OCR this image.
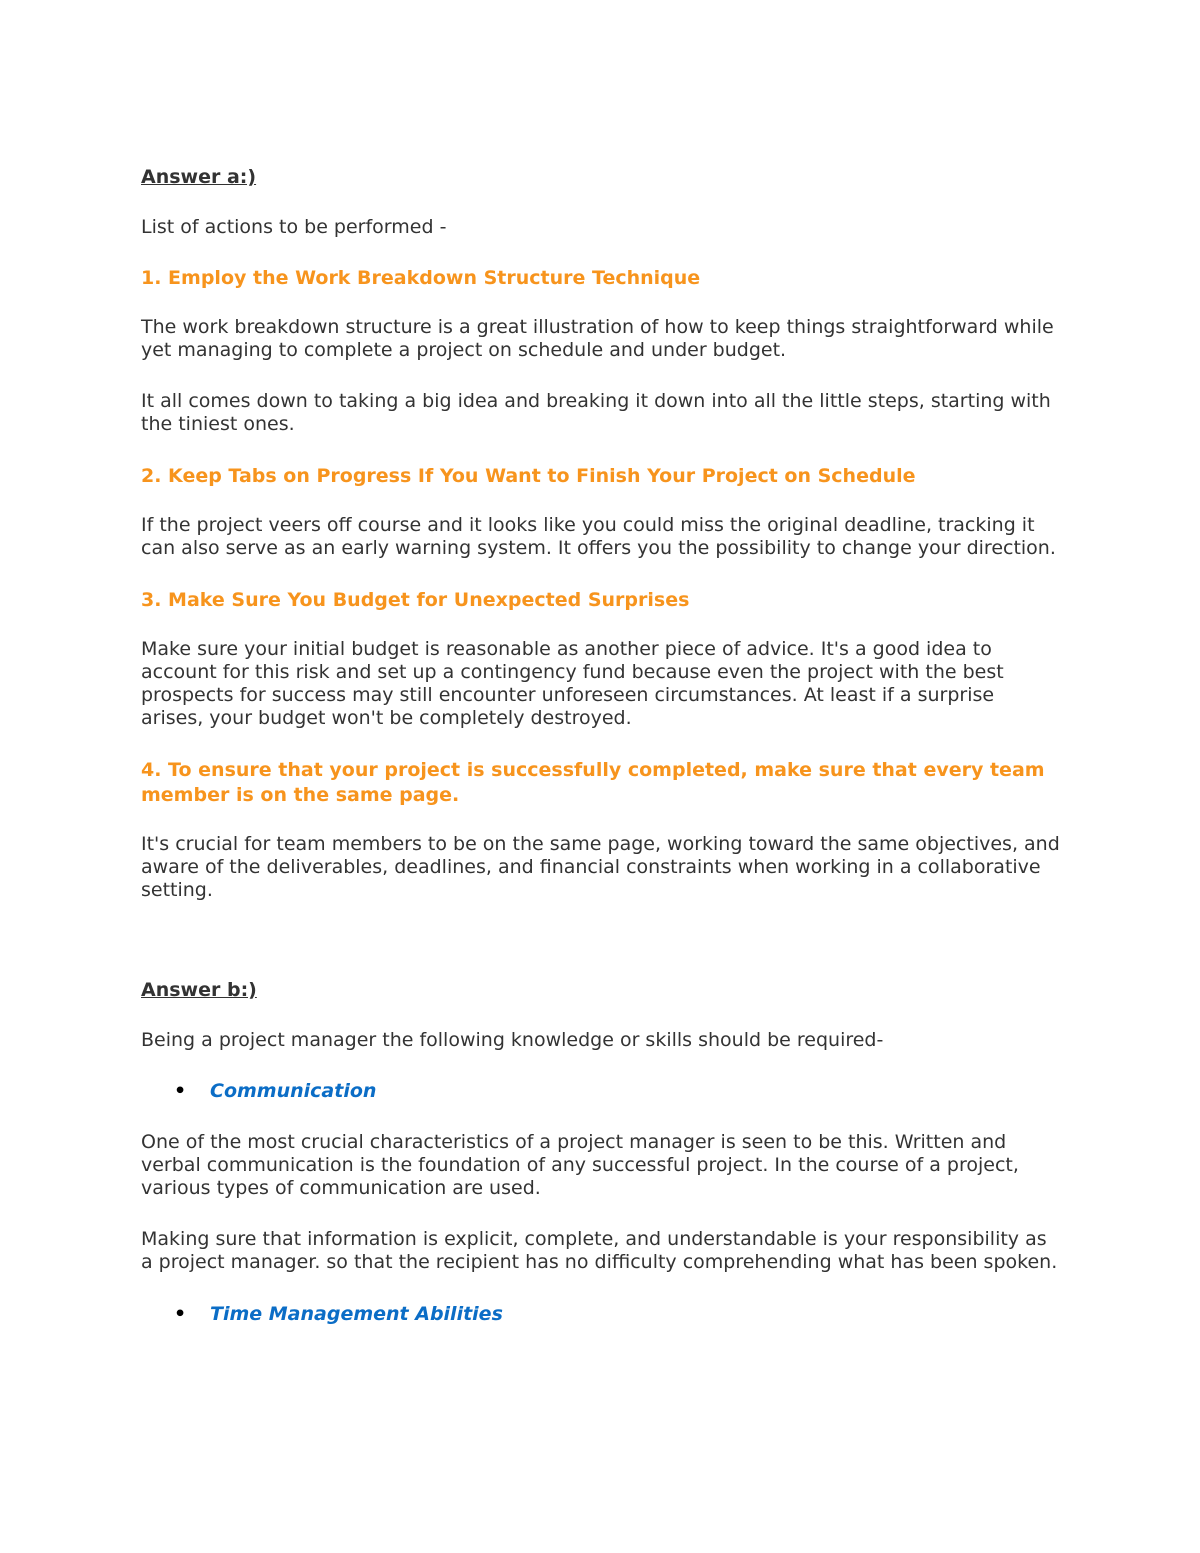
Answer a:)

List of actions to be performed -

1. Employ the Work Breakdown Structure Technique

The work breakdown structure is a great illustration of how to keep things straightforward while yet managing to complete a project on schedule and under budget.

It all comes down to taking a big idea and breaking it down into all the little steps, starting with the tiniest ones.

2. Keep Tabs on Progress If You Want to Finish Your Project on Schedule

If the project veers off course and it looks like you could miss the original deadline, tracking it can also serve as an early warning system. It offers you the possibility to change your direction.

3. Make Sure You Budget for Unexpected Surprises

Make sure your initial budget is reasonable as another piece of advice. It's a good idea to account for this risk and set up a contingency fund because even the project with the best prospects for success may still encounter unforeseen circumstances. At least if a surprise arises, your budget won't be completely destroyed.

4. To ensure that your project is successfully completed, make sure that every team member is on the same page.

It's crucial for team members to be on the same page, working toward the same objectives, and aware of the deliverables, deadlines, and financial constraints when working in a collaborative setting.

Answer b:)

Being a project manager the following knowledge or skills should be required-

• Communication

One of the most crucial characteristics of a project manager is seen to be this. Written and verbal communication is the foundation of any successful project. In the course of a project, various types of communication are used.

Making sure that information is explicit, complete, and understandable is your responsibility as a project manager. so that the recipient has no difficulty comprehending what has been spoken.

• Time Management Abilities
